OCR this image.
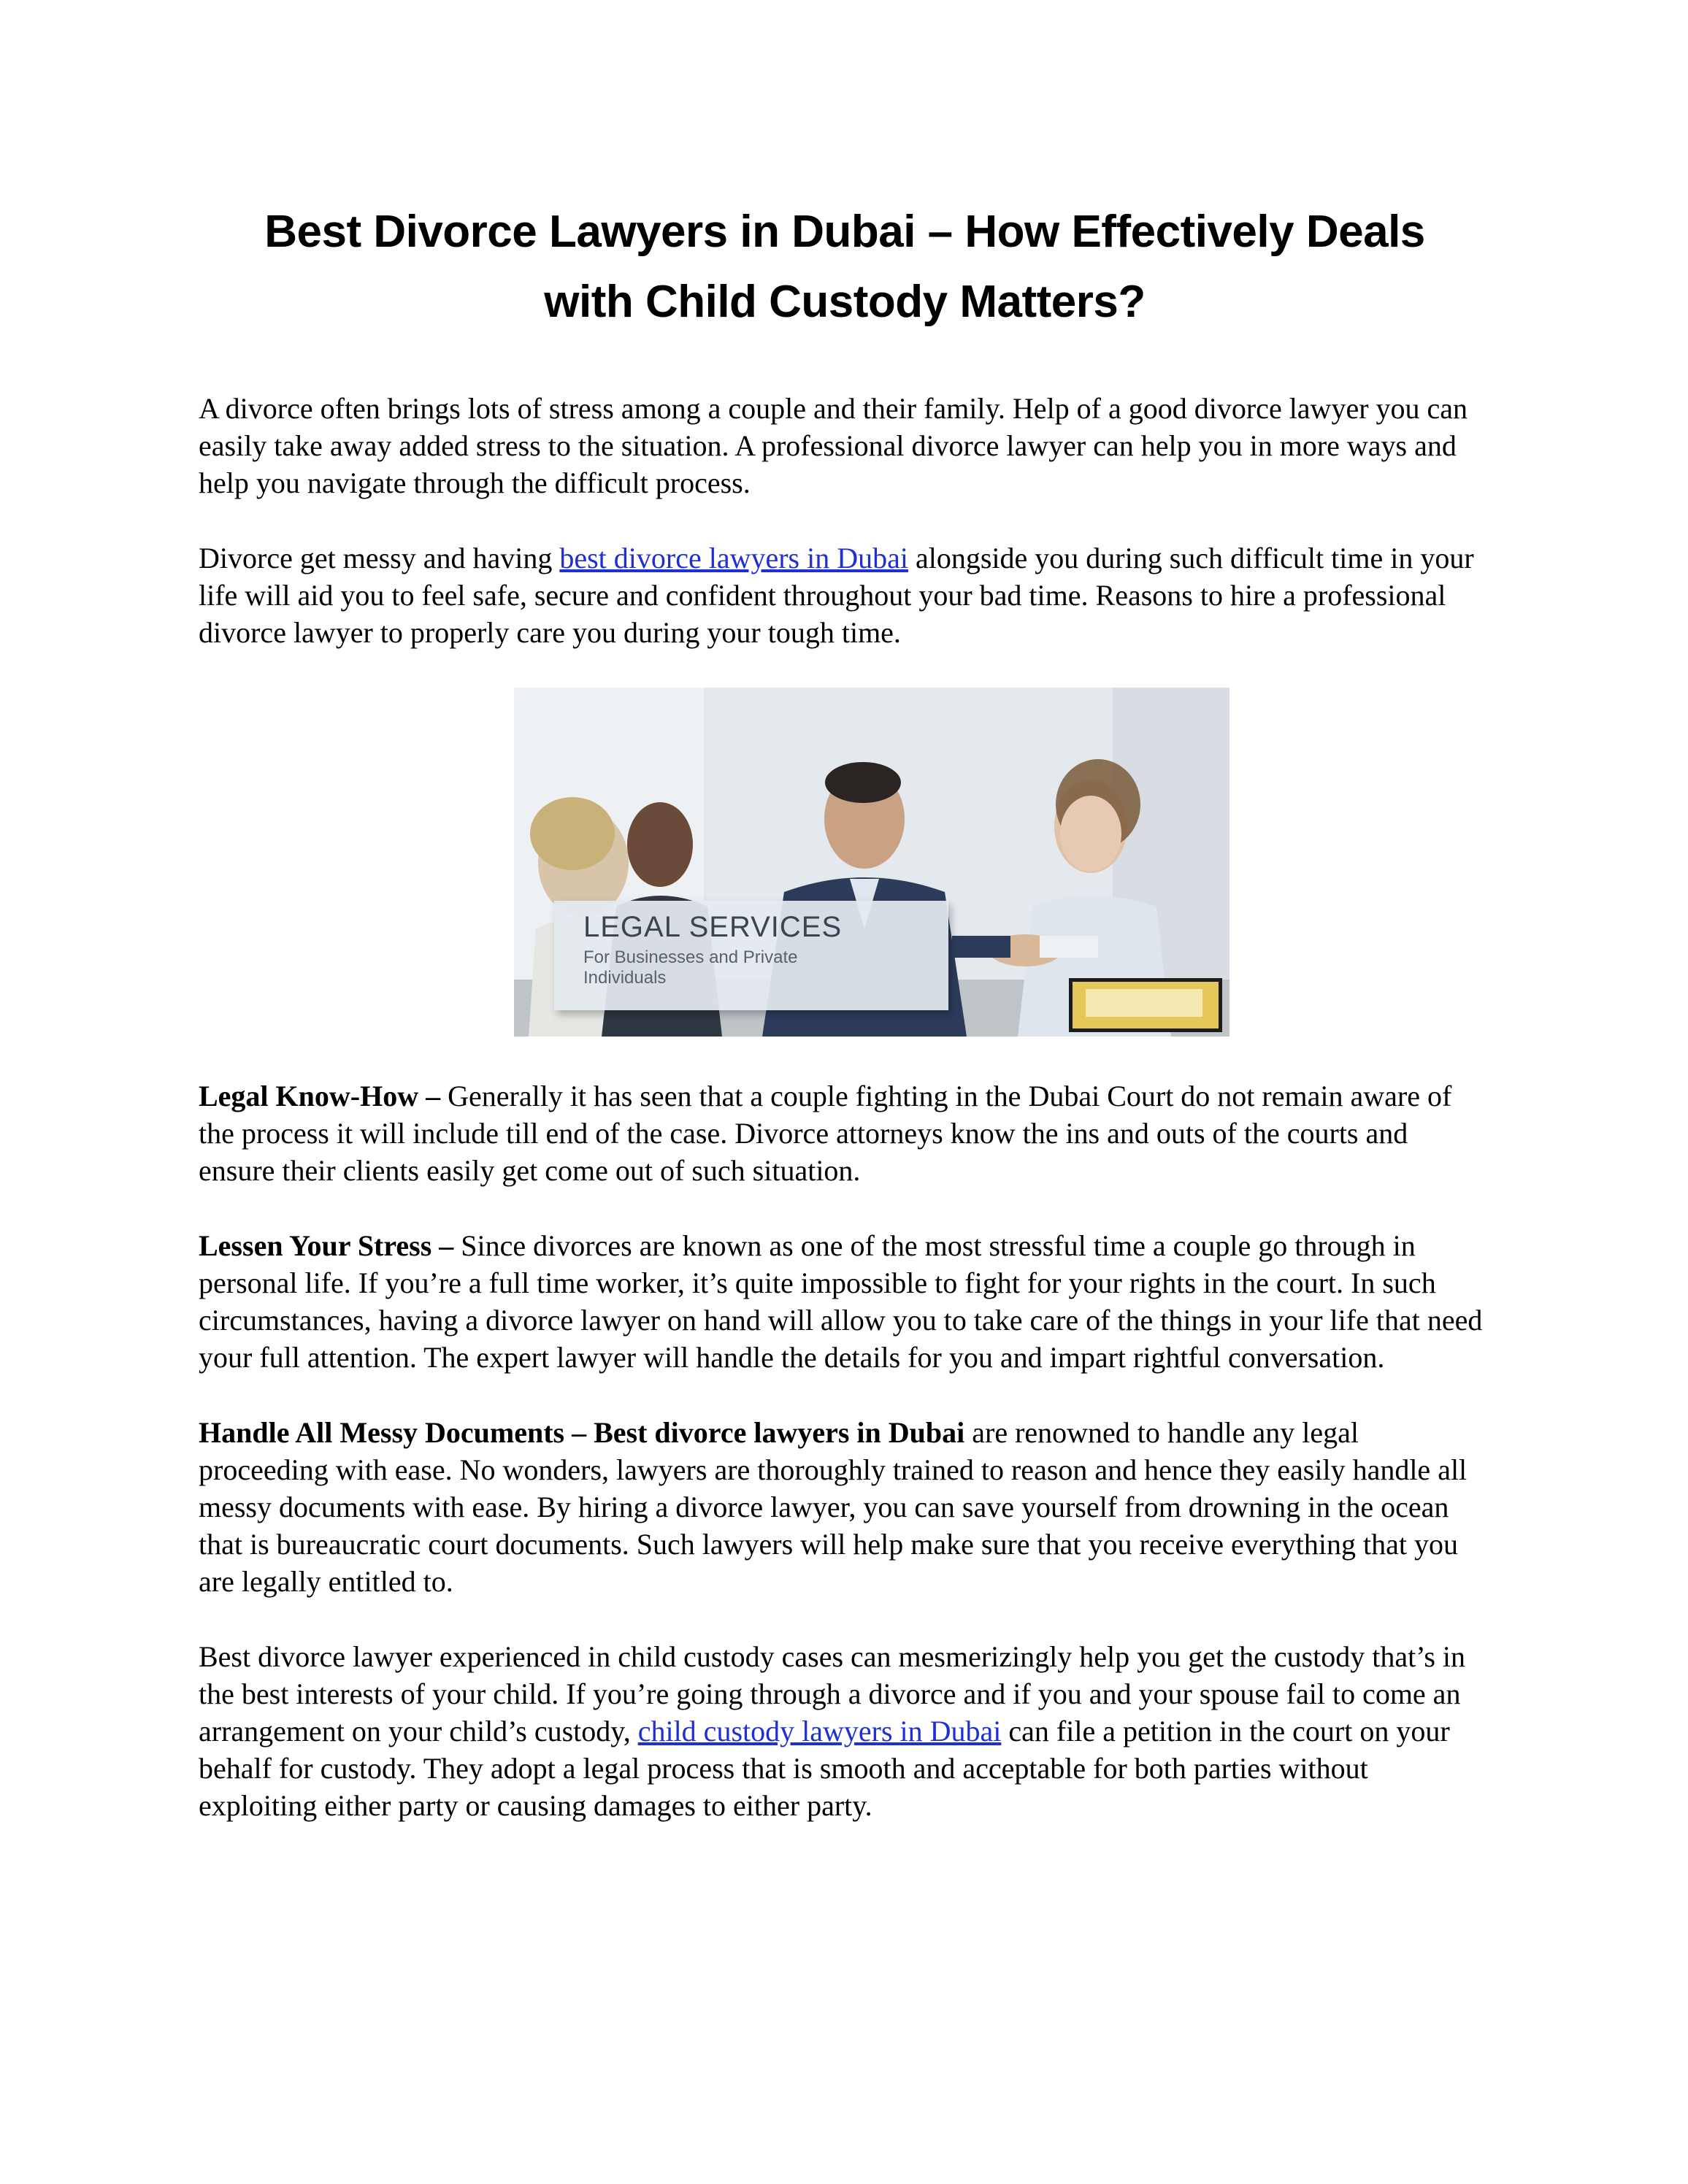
Best Divorce Lawyers in Dubai – How Effectively Deals
with Child Custody Matters?

A divorce often brings lots of stress among a couple and their family. Help of a good divorce lawyer you can easily take away added stress to the situation. A professional divorce lawyer can help you in more ways and help you navigate through the difficult process.

Divorce get messy and having best divorce lawyers in Dubai alongside you during such difficult time in your life will aid you to feel safe, secure and confident throughout your bad time. Reasons to hire a professional divorce lawyer to properly care you during your tough time.

LEGAL SERVICES
For Businesses and Private Individuals

Legal Know-How – Generally it has seen that a couple fighting in the Dubai Court do not remain aware of the process it will include till end of the case. Divorce attorneys know the ins and outs of the courts and ensure their clients easily get come out of such situation.

Lessen Your Stress – Since divorces are known as one of the most stressful time a couple go through in personal life. If you’re a full time worker, it’s quite impossible to fight for your rights in the court. In such circumstances, having a divorce lawyer on hand will allow you to take care of the things in your life that need your full attention. The expert lawyer will handle the details for you and impart rightful conversation.

Handle All Messy Documents – Best divorce lawyers in Dubai are renowned to handle any legal proceeding with ease. No wonders, lawyers are thoroughly trained to reason and hence they easily handle all messy documents with ease. By hiring a divorce lawyer, you can save yourself from drowning in the ocean that is bureaucratic court documents. Such lawyers will help make sure that you receive everything that you are legally entitled to.

Best divorce lawyer experienced in child custody cases can mesmerizingly help you get the custody that’s in the best interests of your child. If you’re going through a divorce and if you and your spouse fail to come an arrangement on your child’s custody, child custody lawyers in Dubai can file a petition in the court on your behalf for custody. They adopt a legal process that is smooth and acceptable for both parties without exploiting either party or causing damages to either party.
